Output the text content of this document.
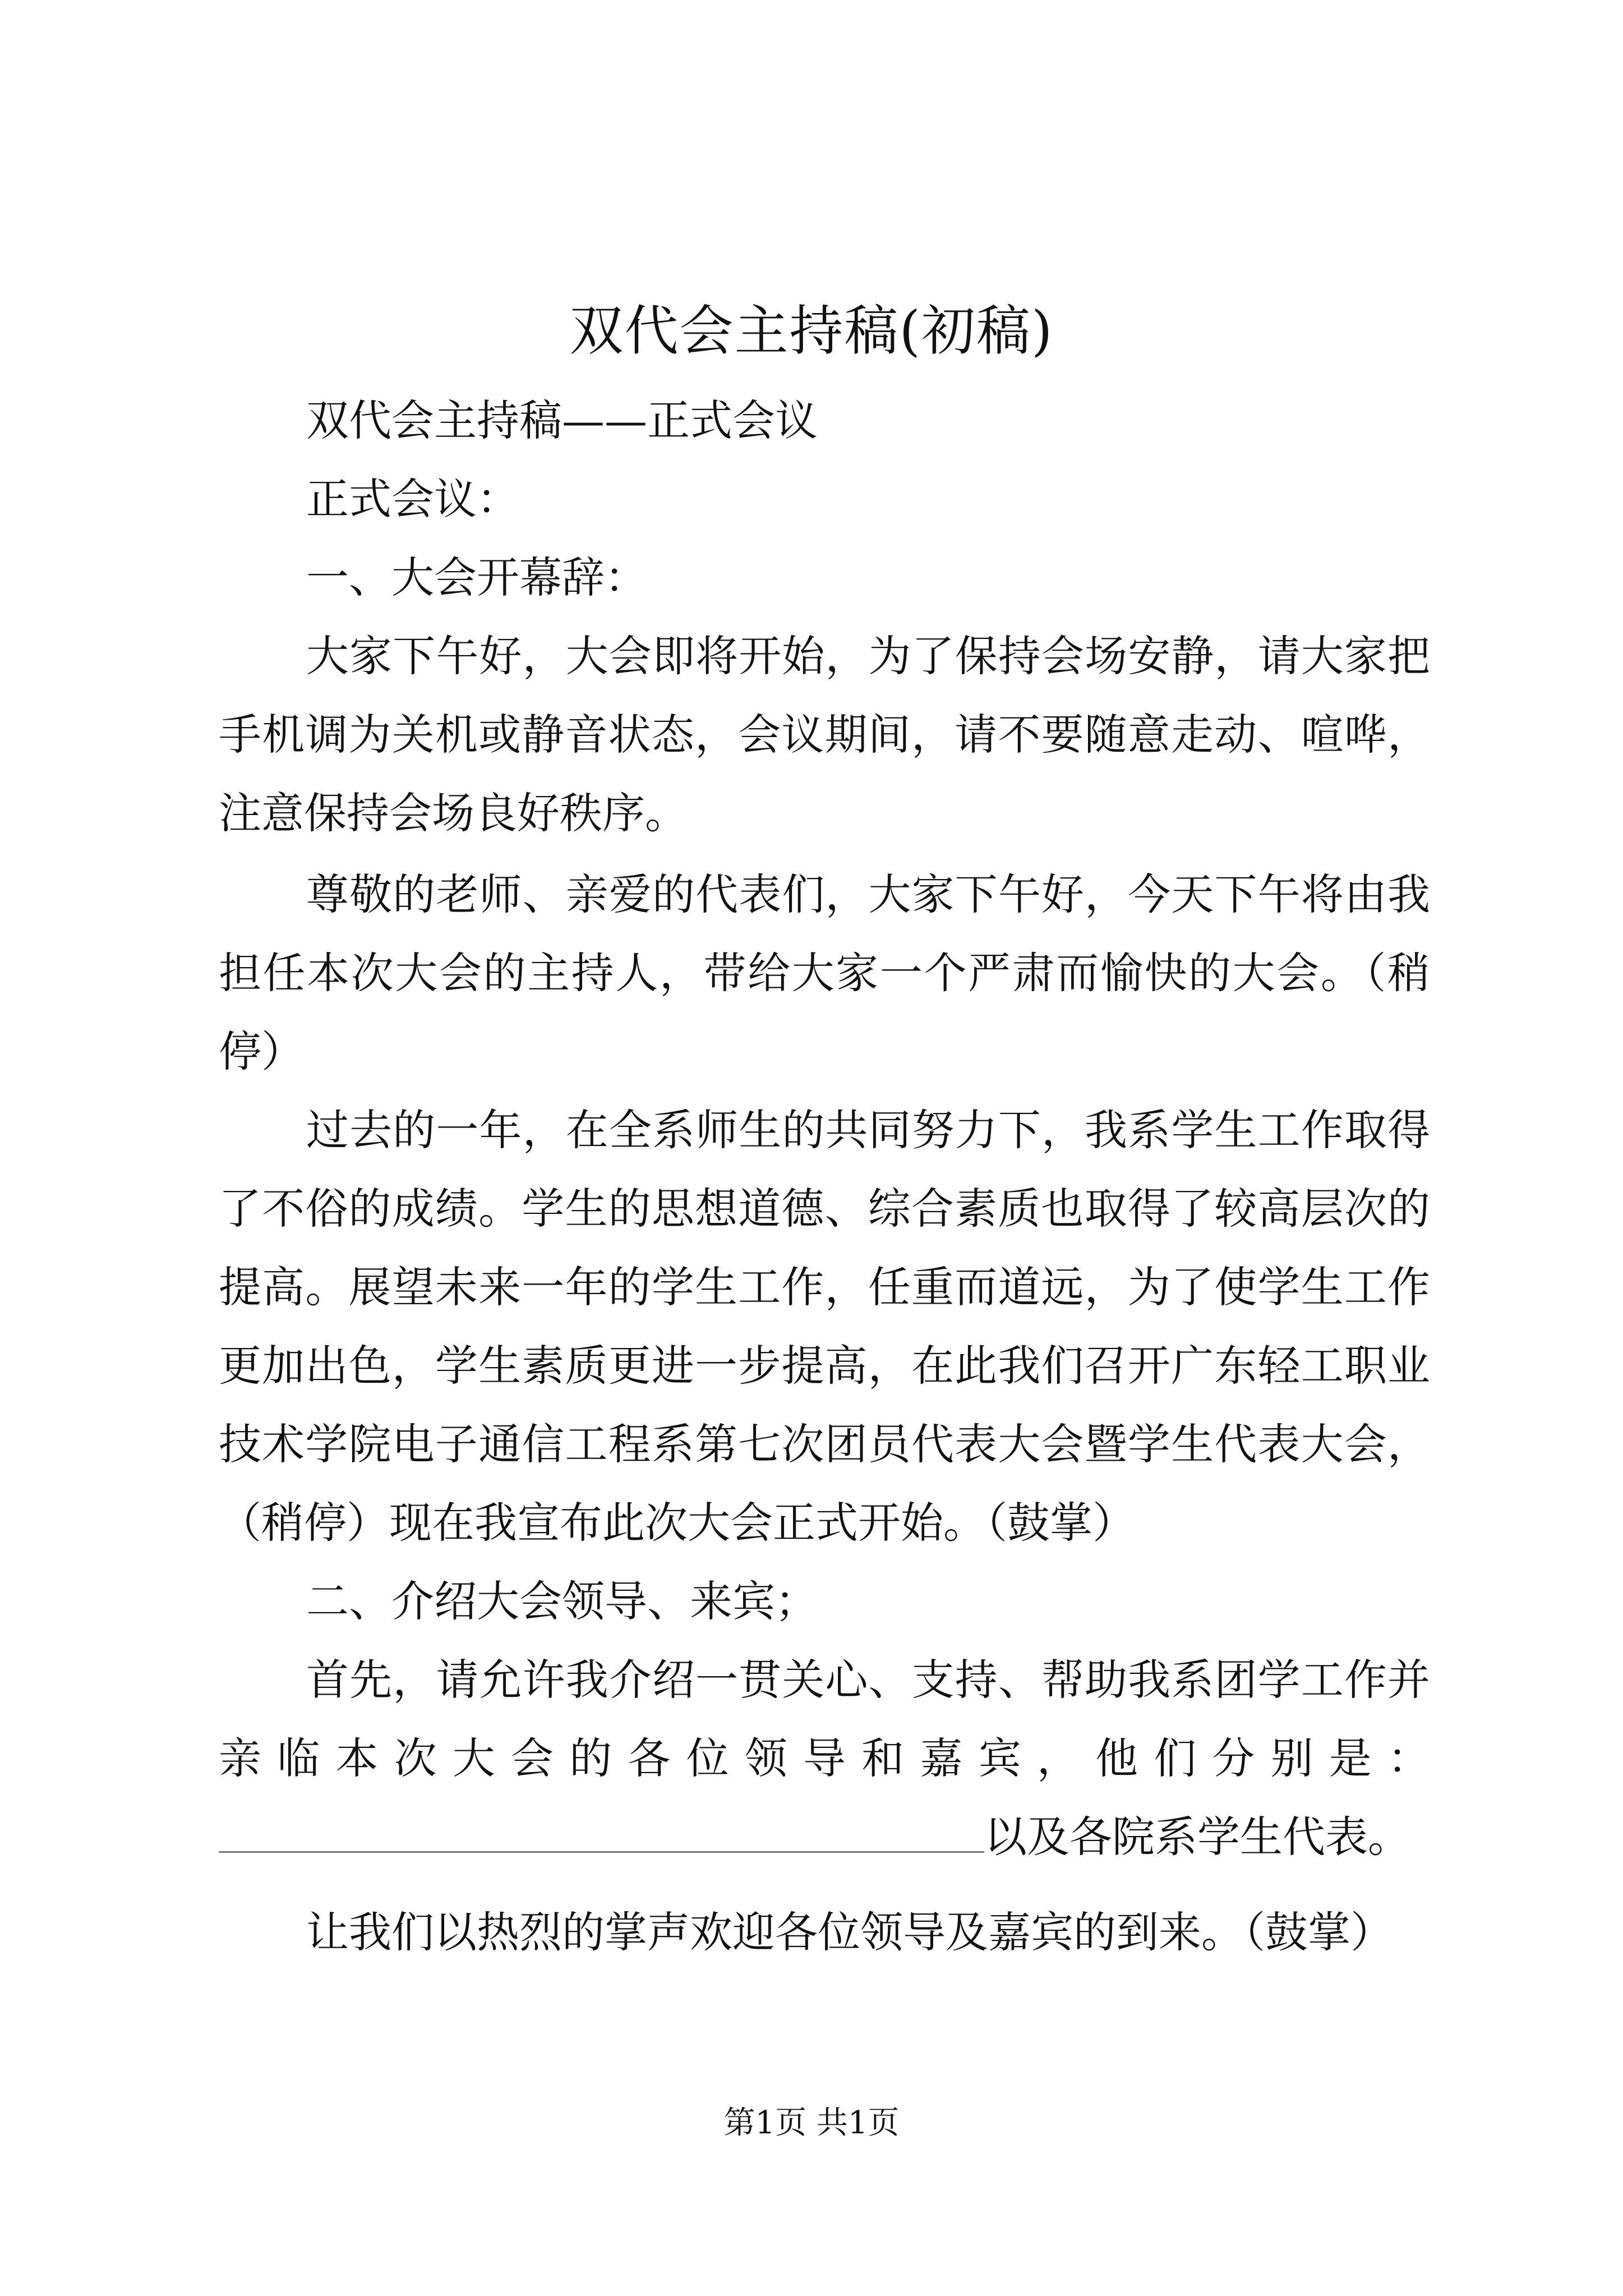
双代会主持稿(初稿)

双代会主持稿——正式会议

正式会议：

一、大会开幕辞：

大家下午好，大会即将开始，为了保持会场安静，请大家把

手机调为关机或静音状态，会议期间，请不要随意走动、喧哗，

注意保持会场良好秩序。

尊敬的老师、亲爱的代表们，大家下午好，今天下午将由我

担任本次大会的主持人，带给大家一个严肃而愉快的大会。（稍

停）

过去的一年，在全系师生的共同努力下，我系学生工作取得

了不俗的成绩。学生的思想道德、综合素质也取得了较高层次的

提高。展望未来一年的学生工作，任重而道远，为了使学生工作

更加出色，学生素质更进一步提高，在此我们召开广东轻工职业

技术学院电子通信工程系第七次团员代表大会暨学生代表大会，

（稍停）现在我宣布此次大会正式开始。（鼓掌）

二、介绍大会领导、来宾；

首先，请允许我介绍一贯关心、支持、帮助我系团学工作并

亲临本次大会的各位领导和嘉宾，他们分别是：

以及各院系学生代表。

让我们以热烈的掌声欢迎各位领导及嘉宾的到来。（鼓掌）

第1页 共1页
